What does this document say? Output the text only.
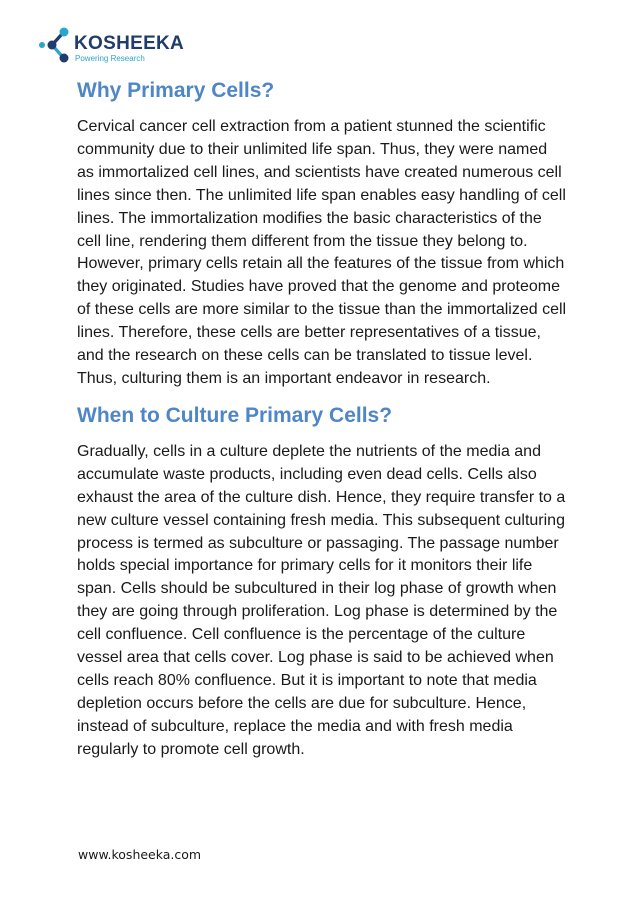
KOSHEEKA
Powering Research
Why Primary Cells?

Cervical cancer cell extraction from a patient stunned the scientific community due to their unlimited life span. Thus, they were named as immortalized cell lines, and scientists have created numerous cell lines since then. The unlimited life span enables easy handling of cell lines. The immortalization modifies the basic characteristics of the cell line, rendering them different from the tissue they belong to. However, primary cells retain all the features of the tissue from which they originated. Studies have proved that the genome and proteome of these cells are more similar to the tissue than the immortalized cell lines. Therefore, these cells are better representatives of a tissue, and the research on these cells can be translated to tissue level. Thus, culturing them is an important endeavor in research.

When to Culture Primary Cells?

Gradually, cells in a culture deplete the nutrients of the media and accumulate waste products, including even dead cells. Cells also exhaust the area of the culture dish. Hence, they require transfer to a new culture vessel containing fresh media. This subsequent culturing process is termed as subculture or passaging. The passage number holds special importance for primary cells for it monitors their life span. Cells should be subcultured in their log phase of growth when they are going through proliferation. Log phase is determined by the cell confluence. Cell confluence is the percentage of the culture vessel area that cells cover. Log phase is said to be achieved when cells reach 80% confluence. But it is important to note that media depletion occurs before the cells are due for subculture. Hence, instead of subculture, replace the media and with fresh media regularly to promote cell growth.

www.kosheeka.com
